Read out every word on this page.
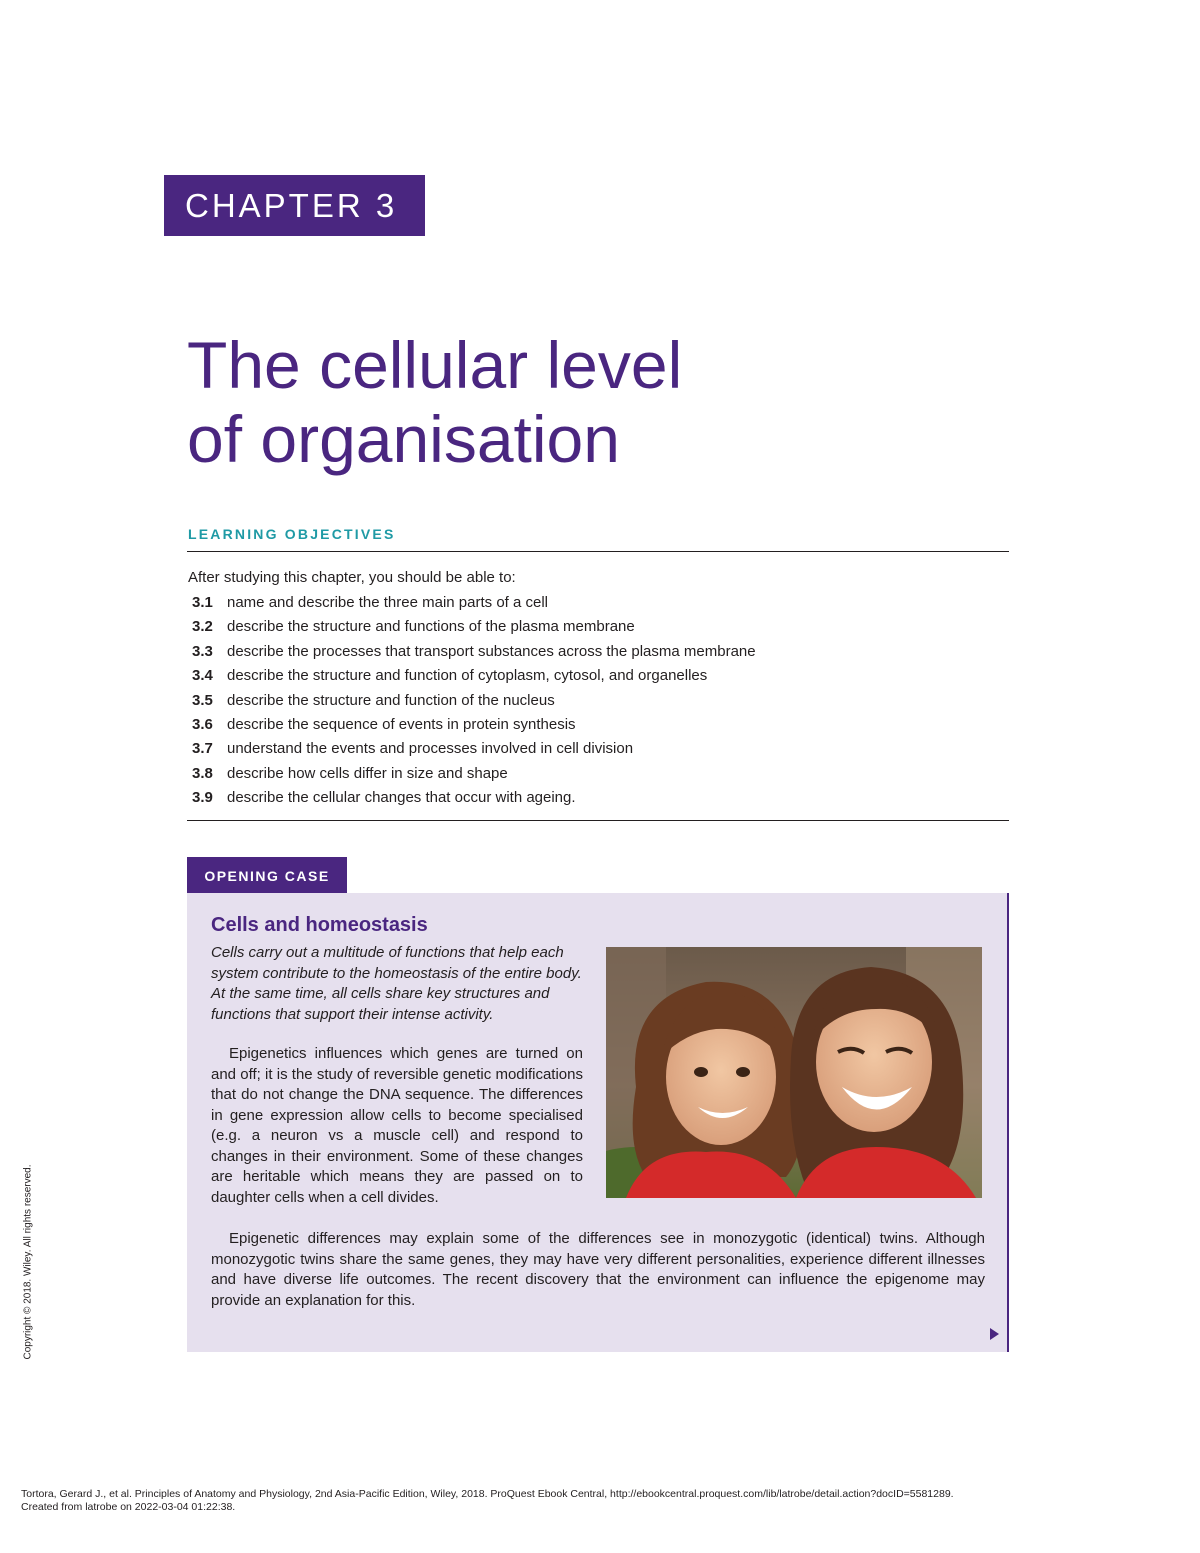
CHAPTER 3
The cellular level
of organisation
LEARNING OBJECTIVES
After studying this chapter, you should be able to:
3.1 name and describe the three main parts of a cell
3.2 describe the structure and functions of the plasma membrane
3.3 describe the processes that transport substances across the plasma membrane
3.4 describe the structure and function of cytoplasm, cytosol, and organelles
3.5 describe the structure and function of the nucleus
3.6 describe the sequence of events in protein synthesis
3.7 understand the events and processes involved in cell division
3.8 describe how cells differ in size and shape
3.9 describe the cellular changes that occur with ageing.
OPENING CASE
Cells and homeostasis
Cells carry out a multitude of functions that help each system contribute to the homeostasis of the entire body. At the same time, all cells share key structures and functions that support their intense activity.
Epigenetics influences which genes are turned on and off; it is the study of reversible genetic modifications that do not change the DNA sequence. The differences in gene expression allow cells to become specialised (e.g. a neuron vs a muscle cell) and respond to changes in their environment. Some of these changes are heritable which means they are passed on to daughter cells when a cell divides.
Epigenetic differences may explain some of the differences see in monozygotic (identical) twins. Although monozygotic twins share the same genes, they may have very different personalities, experience different illnesses and have diverse life outcomes. The recent discovery that the environment can influence the epigenome may provide an explanation for this.
Copyright © 2018. Wiley. All rights reserved.
Tortora, Gerard J., et al. Principles of Anatomy and Physiology, 2nd Asia-Pacific Edition, Wiley, 2018. ProQuest Ebook Central, http://ebookcentral.proquest.com/lib/latrobe/detail.action?docID=5581289.
Created from latrobe on 2022-03-04 01:22:38.
